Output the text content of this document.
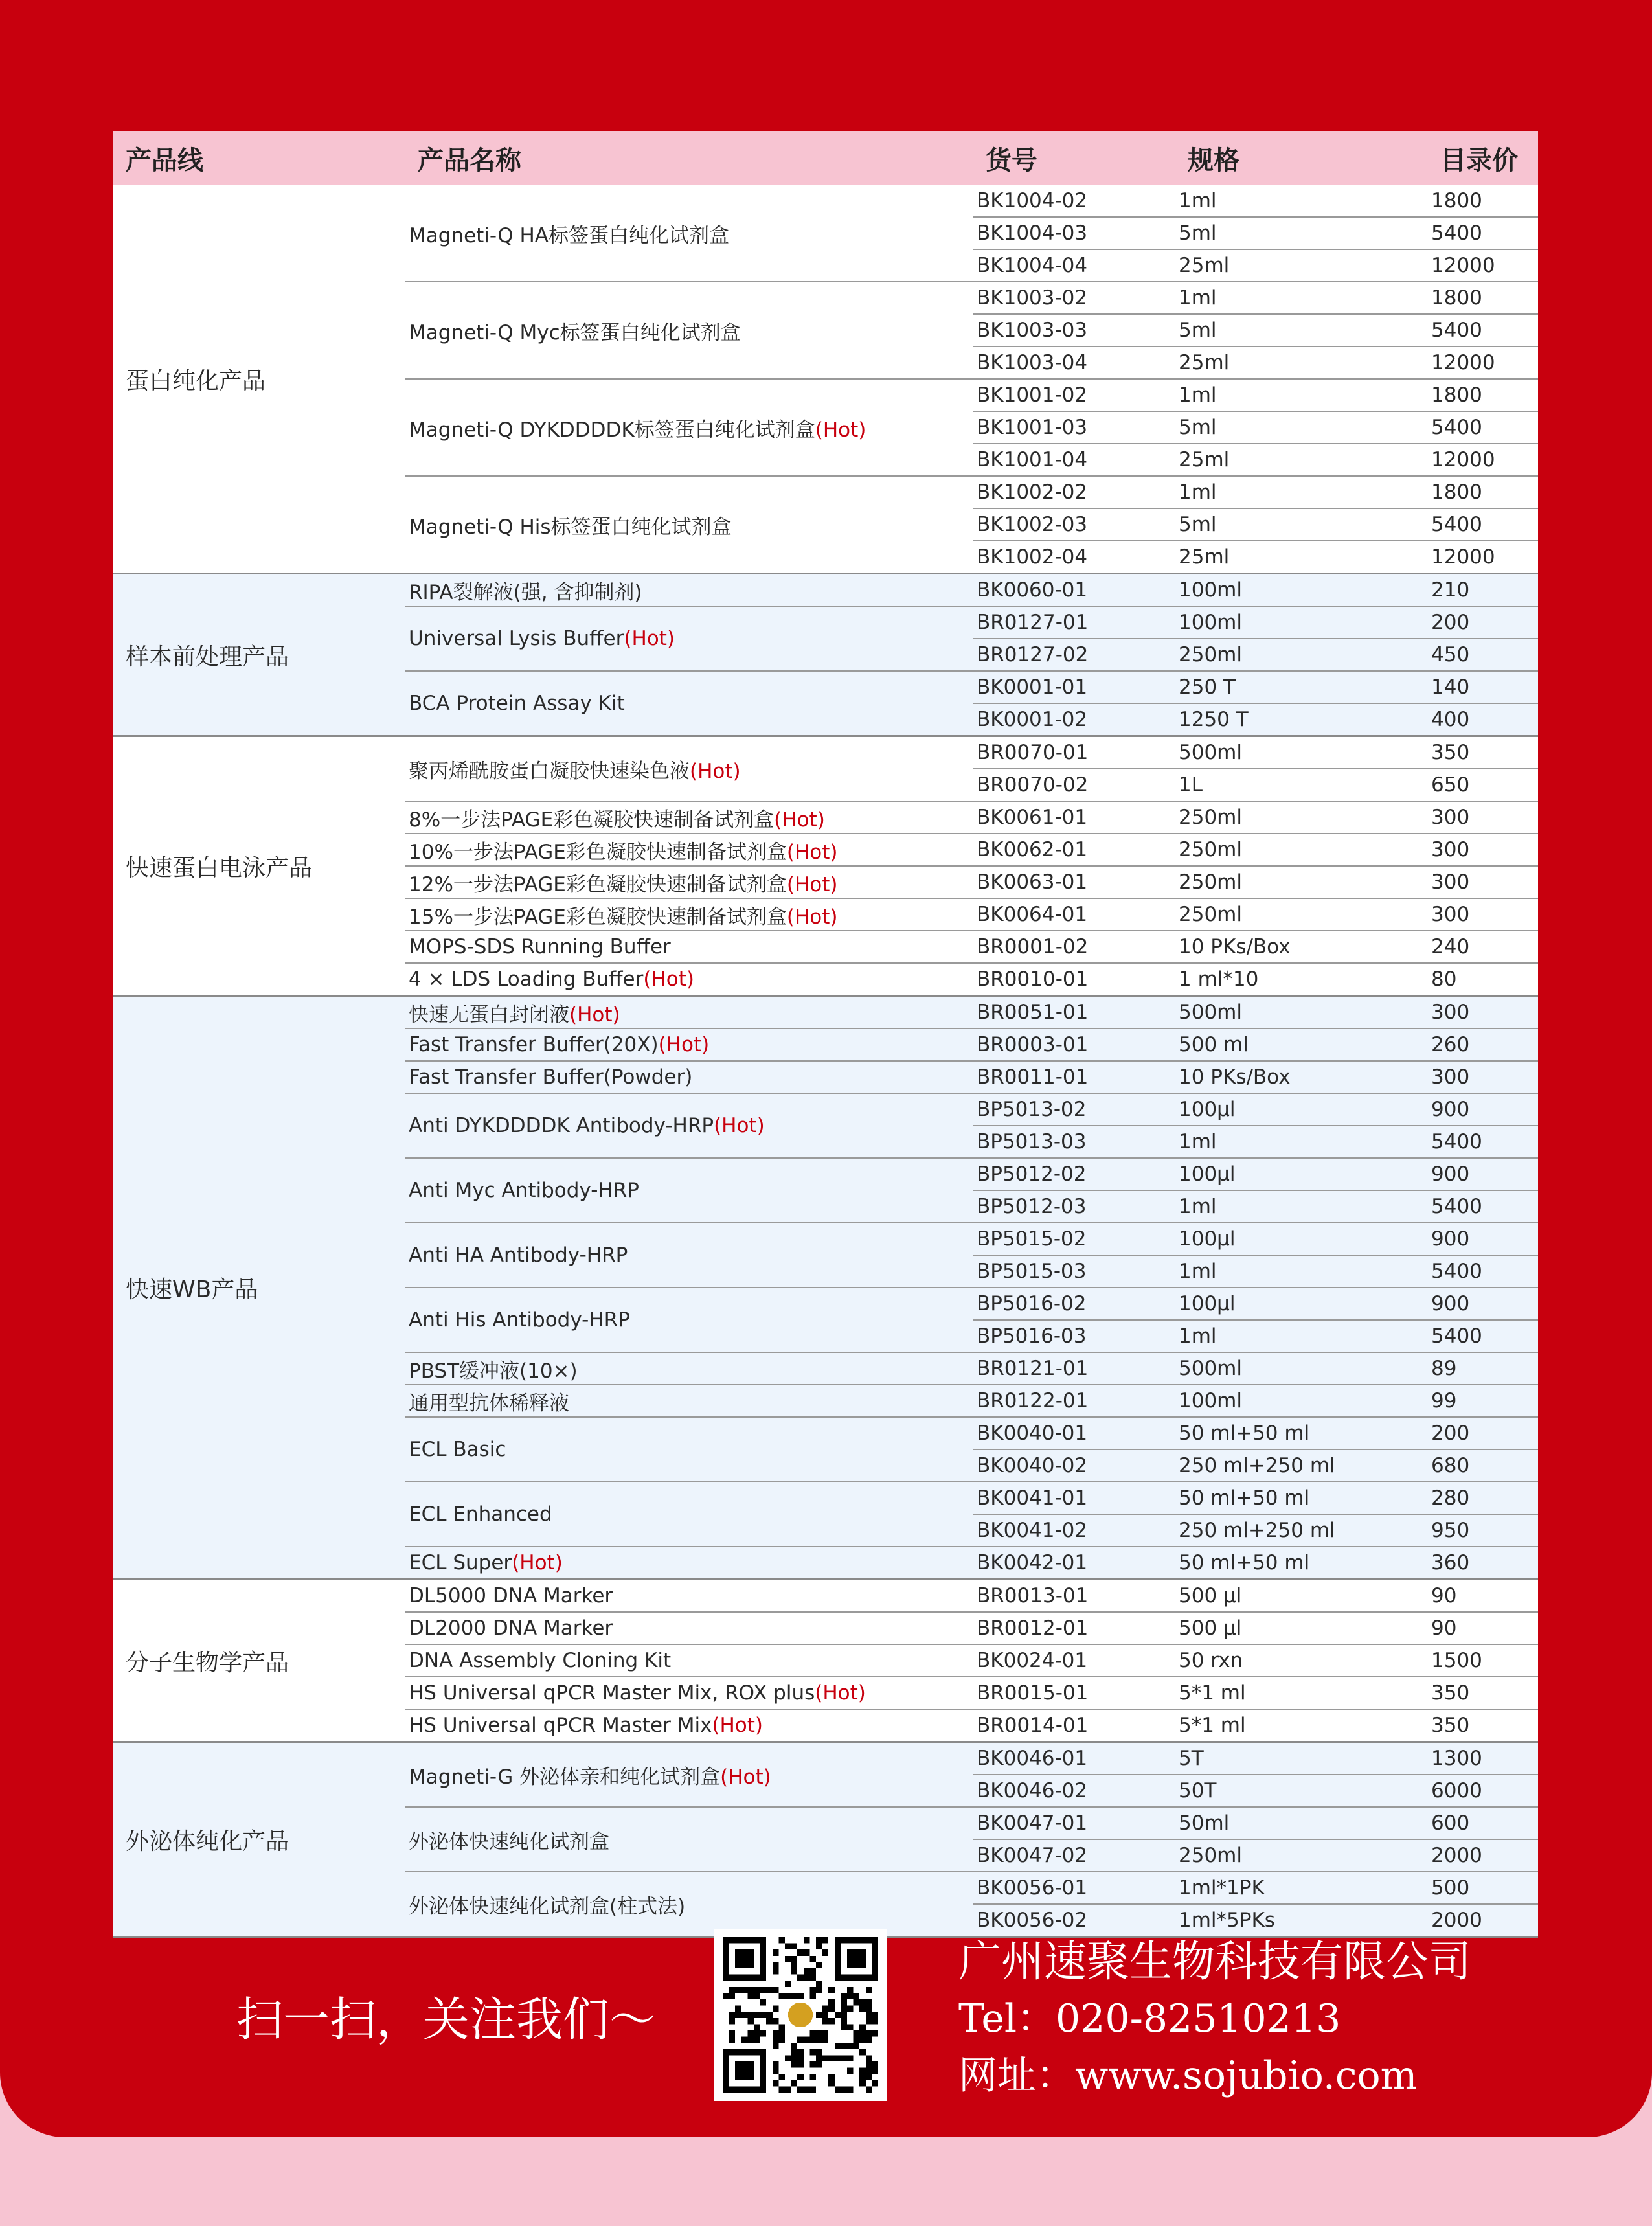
产品线	产品名称	货号	规格	目录价
蛋白纯化产品	Magneti-Q HA标签蛋白纯化试剂盒	BK1004-02	1ml	1800
		BK1004-03	5ml	5400
		BK1004-04	25ml	12000
	Magneti-Q Myc标签蛋白纯化试剂盒	BK1003-02	1ml	1800
		BK1003-03	5ml	5400
		BK1003-04	25ml	12000
	Magneti-Q DYKDDDDK标签蛋白纯化试剂盒(Hot)	BK1001-02	1ml	1800
		BK1001-03	5ml	5400
		BK1001-04	25ml	12000
	Magneti-Q His标签蛋白纯化试剂盒	BK1002-02	1ml	1800
		BK1002-03	5ml	5400
		BK1002-04	25ml	12000
样本前处理产品	RIPA裂解液(强, 含抑制剂)	BK0060-01	100ml	210
	Universal Lysis Buffer(Hot)	BR0127-01	100ml	200
		BR0127-02	250ml	450
	BCA Protein Assay Kit	BK0001-01	250 T	140
		BK0001-02	1250 T	400
快速蛋白电泳产品	聚丙烯酰胺蛋白凝胶快速染色液(Hot)	BR0070-01	500ml	350
		BR0070-02	1L	650
	8%一步法PAGE彩色凝胶快速制备试剂盒(Hot)	BK0061-01	250ml	300
	10%一步法PAGE彩色凝胶快速制备试剂盒(Hot)	BK0062-01	250ml	300
	12%一步法PAGE彩色凝胶快速制备试剂盒(Hot)	BK0063-01	250ml	300
	15%一步法PAGE彩色凝胶快速制备试剂盒(Hot)	BK0064-01	250ml	300
	MOPS-SDS Running Buffer	BR0001-02	10 PKs/Box	240
	4 × LDS Loading Buffer(Hot)	BR0010-01	1 ml*10	80
快速WB产品	快速无蛋白封闭液(Hot)	BR0051-01	500ml	300
	Fast Transfer Buffer(20X)(Hot)	BR0003-01	500 ml	260
	Fast Transfer Buffer(Powder)	BR0011-01	10 PKs/Box	300
	Anti DYKDDDDK Antibody-HRP(Hot)	BP5013-02	100μl	900
		BP5013-03	1ml	5400
	Anti Myc Antibody-HRP	BP5012-02	100μl	900
		BP5012-03	1ml	5400
	Anti HA Antibody-HRP	BP5015-02	100μl	900
		BP5015-03	1ml	5400
	Anti His Antibody-HRP	BP5016-02	100μl	900
		BP5016-03	1ml	5400
	PBST缓冲液(10×)	BR0121-01	500ml	89
	通用型抗体稀释液	BR0122-01	100ml	99
	ECL Basic	BK0040-01	50 ml+50 ml	200
		BK0040-02	250 ml+250 ml	680
	ECL Enhanced	BK0041-01	50 ml+50 ml	280
		BK0041-02	250 ml+250 ml	950
	ECL Super(Hot)	BK0042-01	50 ml+50 ml	360
分子生物学产品	DL5000 DNA Marker	BR0013-01	500 μl	90
	DL2000 DNA Marker	BR0012-01	500 μl	90
	DNA Assembly Cloning Kit	BK0024-01	50 rxn	1500
	HS Universal qPCR Master Mix, ROX plus(Hot)	BR0015-01	5*1 ml	350
	HS Universal qPCR Master Mix(Hot)	BR0014-01	5*1 ml	350
外泌体纯化产品	Magneti-G 外泌体亲和纯化试剂盒(Hot)	BK0046-01	5T	1300
		BK0046-02	50T	6000
	外泌体快速纯化试剂盒	BK0047-01	50ml	600
		BK0047-02	250ml	2000
	外泌体快速纯化试剂盒(柱式法)	BK0056-01	1ml*1PK	500
		BK0056-02	1ml*5PKs	2000
扫一扫，关注我们～
广州速聚生物科技有限公司
Tel：020-82510213
网址：www.sojubio.com
